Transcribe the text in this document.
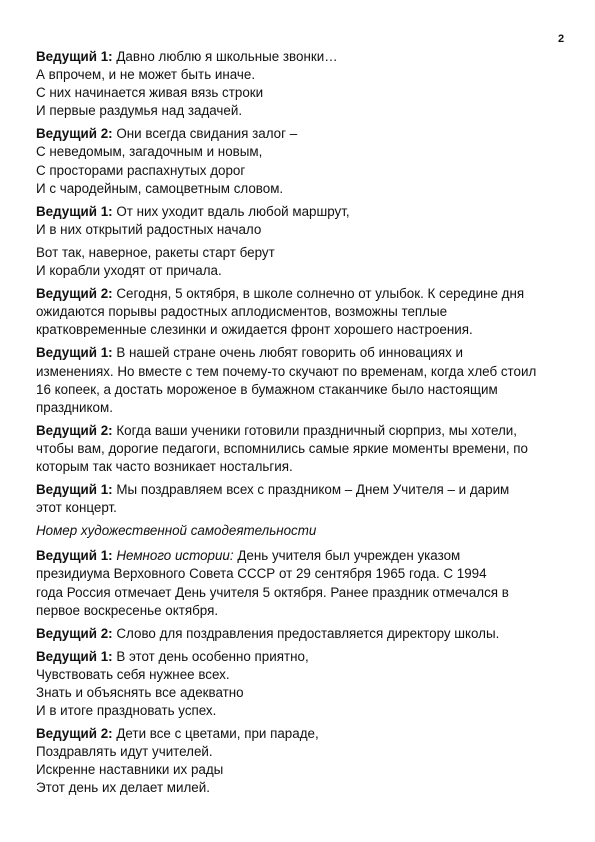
2
Ведущий 1: Давно люблю я школьные звонки…
А впрочем, и не может быть иначе.
С них начинается живая вязь строки
И первые раздумья над задачей.
Ведущий 2: Они всегда свидания залог –
С неведомым, загадочным и новым,
С просторами распахнутых дорог
И с чародейным, самоцветным словом.
Ведущий 1: От них уходит вдаль любой маршрут,
И в них открытий радостных начало
Вот так, наверное, ракеты старт берут
И корабли уходят от причала.
Ведущий 2: Сегодня, 5 октября, в школе солнечно от улыбок. К середине дня
ожидаются порывы радостных аплодисментов, возможны теплые
кратковременные слезинки и ожидается фронт хорошего настроения.
Ведущий 1: В нашей стране очень любят говорить об инновациях и
изменениях. Но вместе с тем почему-то скучают по временам, когда хлеб стоил
16 копеек, а достать мороженое в бумажном стаканчике было настоящим
праздником.
Ведущий 2: Когда ваши ученики готовили праздничный сюрприз, мы хотели,
чтобы вам, дорогие педагоги, вспомнились самые яркие моменты времени, по
которым так часто возникает ностальгия.
Ведущий 1: Мы поздравляем всех с праздником – Днем Учителя – и дарим
этот концерт.
Номер художественной самодеятельности
Ведущий 1: Немного истории: День учителя был учрежден указом
президиума Верховного Совета СССР от 29 сентября 1965 года. С 1994
года Россия отмечает День учителя 5 октября. Ранее праздник отмечался в
первое воскресенье октября.
Ведущий 2: Слово для поздравления предоставляется директору школы.
Ведущий 1: В этот день особенно приятно,
Чувствовать себя нужнее всех.
Знать и объяснять все адекватно
И в итоге праздновать успех.
Ведущий 2: Дети все с цветами, при параде,
Поздравлять идут учителей.
Искренне наставники их рады
Этот день их делает милей.
